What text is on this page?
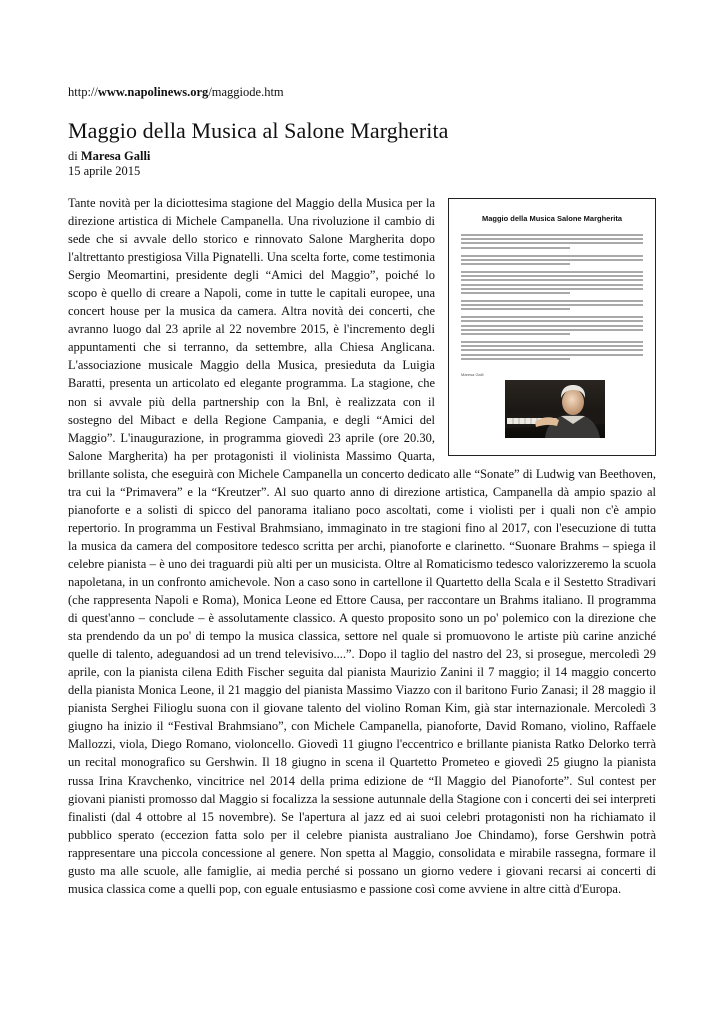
http://www.napolinews.org/maggiode.htm
Maggio della Musica al Salone Margherita
di Maresa Galli
15 aprile 2015
Maggio della Musica Salone Margherita
Maresa Galli
Tante novità per la diciottesima stagione del Maggio della Musica per la direzione artistica di Michele Campanella. Una rivoluzione il cambio di sede che si avvale dello storico e rinnovato Salone Margherita dopo l'altrettanto prestigiosa Villa Pignatelli. Una scelta forte, come testimonia Sergio Meomartini, presidente degli “Amici del Maggio”, poiché lo scopo è quello di creare a Napoli, come in tutte le capitali europee, una concert house per la musica da camera. Altra novità dei concerti, che avranno luogo dal 23 aprile al 22 novembre 2015, è l'incremento degli appuntamenti che si terranno, da settembre, alla Chiesa Anglicana. L'associazione musicale Maggio della Musica, presieduta da Luigia Baratti, presenta un articolato ed elegante programma. La stagione, che non si avvale più della partnership con la Bnl, è realizzata con il sostegno del Mibact e della Regione Campania, e degli “Amici del Maggio”. L'inaugurazione, in programma giovedì 23 aprile (ore 20.30, Salone Margherita) ha per protagonisti il violinista Massimo Quarta, brillante solista, che eseguirà con Michele Campanella un concerto dedicato alle “Sonate” di Ludwig van Beethoven, tra cui la “Primavera” e la “Kreutzer”. Al suo quarto anno di direzione artistica, Campanella dà ampio spazio al pianoforte e a solisti di spicco del panorama italiano poco ascoltati, come i violisti per i quali non c'è ampio repertorio. In programma un Festival Brahmsiano, immaginato in tre stagioni fino al 2017, con l'esecuzione di tutta la musica da camera del compositore tedesco scritta per archi, pianoforte e clarinetto. “Suonare Brahms – spiega il celebre pianista – è uno dei traguardi più alti per un musicista. Oltre al Romaticismo tedesco valorizzeremo la scuola napoletana, in un confronto amichevole. Non a caso sono in cartellone il Quartetto della Scala e il Sestetto Stradivari (che rappresenta Napoli e Roma), Monica Leone ed Ettore Causa, per raccontare un Brahms italiano. Il programma di quest'anno – conclude – è assolutamente classico. A questo proposito sono un po' polemico con la direzione che sta prendendo da un po' di tempo la musica classica, settore nel quale si promuovono le artiste più carine anziché quelle di talento, adeguandosi ad un trend televisivo....”. Dopo il taglio del nastro del 23, si prosegue, mercoledì 29 aprile, con la pianista cilena Edith Fischer seguita dal pianista Maurizio Zanini il 7 maggio; il 14 maggio concerto della pianista Monica Leone, il 21 maggio del pianista Massimo Viazzo con il baritono Furio Zanasi; il 28 maggio il pianista Serghei Filioglu suona con il giovane talento del violino Roman Kim, già star internazionale. Mercoledì 3 giugno ha inizio il “Festival Brahmsiano”, con Michele Campanella, pianoforte, David Romano, violino, Raffaele Mallozzi, viola, Diego Romano, violoncello. Giovedì 11 giugno l'eccentrico e brillante pianista Ratko Delorko terrà un recital monografico su Gershwin. Il 18 giugno in scena il Quartetto Prometeo e giovedì 25 giugno la pianista russa Irina Kravchenko, vincitrice nel 2014 della prima edizione de “Il Maggio del Pianoforte”. Sul contest per giovani pianisti promosso dal Maggio si focalizza la sessione autunnale della Stagione con i concerti dei sei interpreti finalisti (dal 4 ottobre al 15 novembre). Se l'apertura al jazz ed ai suoi celebri protagonisti non ha richiamato il pubblico sperato (eccezion fatta solo per il celebre pianista australiano Joe Chindamo), forse Gershwin potrà rappresentare una piccola concessione al genere. Non spetta al Maggio, consolidata e mirabile rassegna, formare il gusto ma alle scuole, alle famiglie, ai media perché si possano un giorno vedere i giovani recarsi ai concerti di musica classica come a quelli pop, con eguale entusiasmo e passione così come avviene in altre città d'Europa.
